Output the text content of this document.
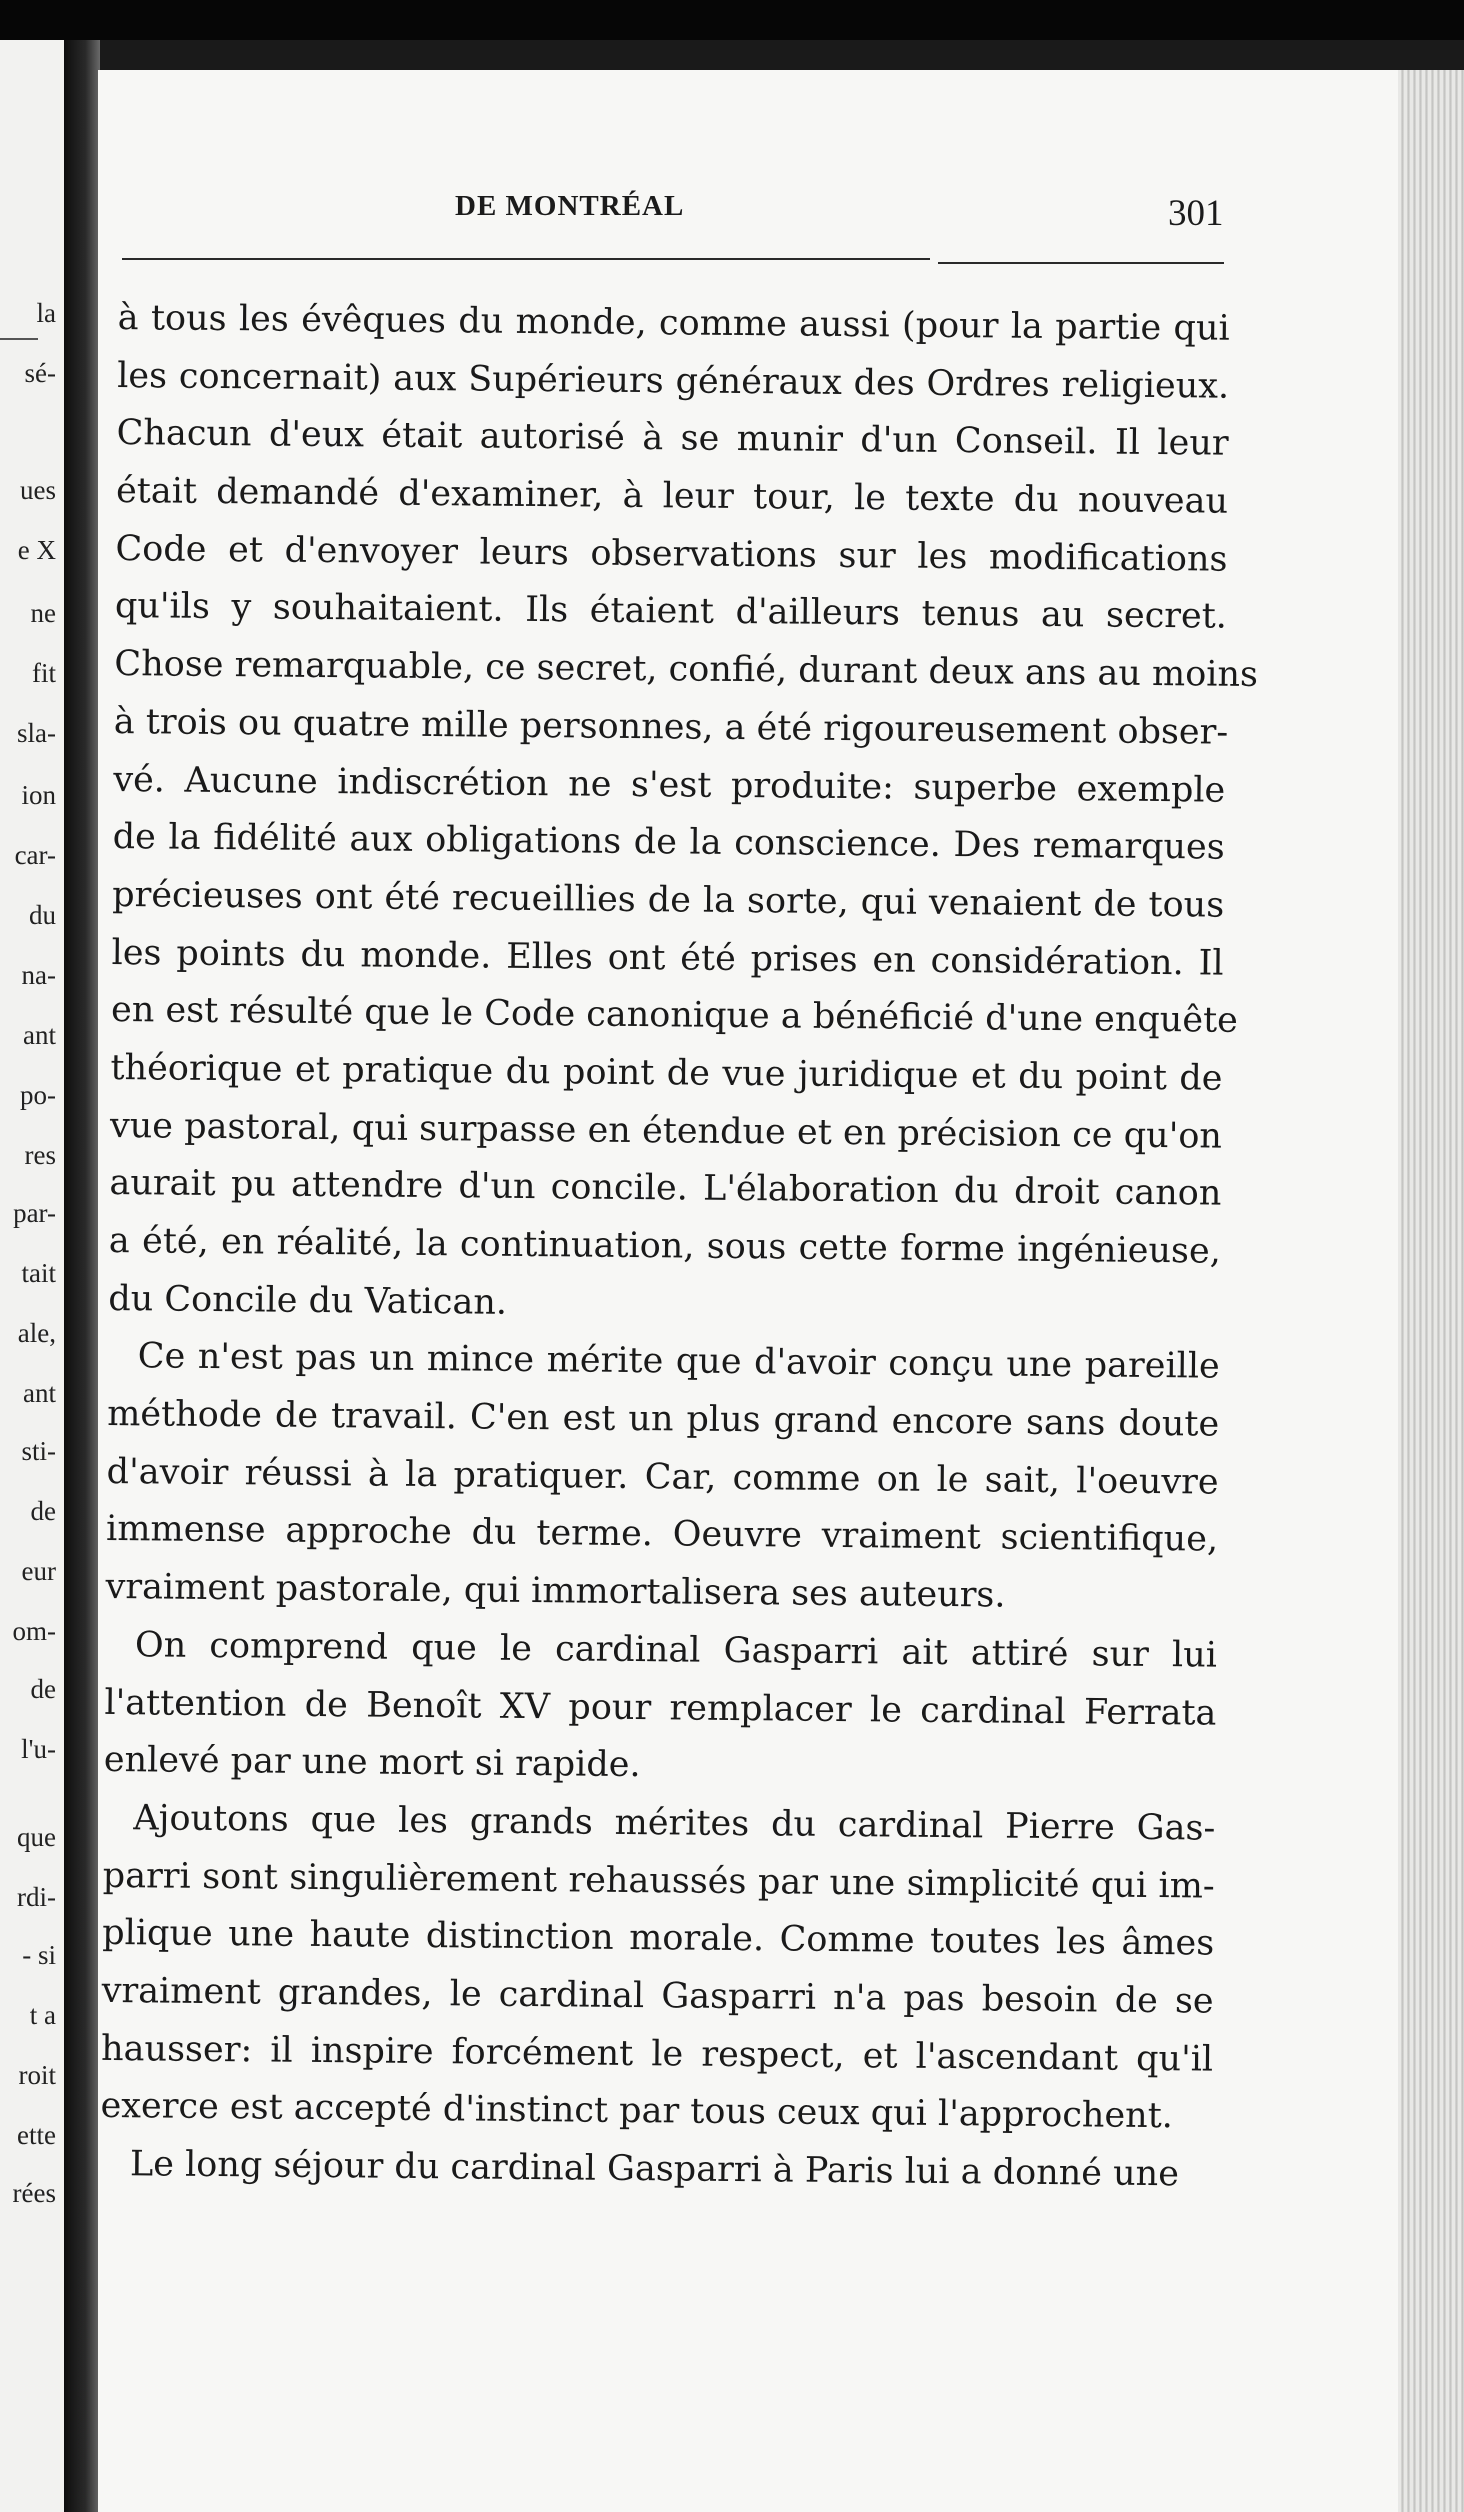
la
sé-
ues
e X
ne
fit
sla-
ion
car-
du
na-
ant
po-
res
par-
tait
ale,
ant
sti-
de
eur
om-
de
l'u-
que
rdi-
- si
t a
roit
ette
rées
DE MONTRÉAL	301
à tous les évêques du monde, comme aussi (pour la partie qui
les concernait) aux Supérieurs généraux des Ordres religieux.
Chacun d'eux était autorisé à se munir d'un Conseil. Il leur
était demandé d'examiner, à leur tour, le texte du nouveau
Code et d'envoyer leurs observations sur les modifications
qu'ils y souhaitaient. Ils étaient d'ailleurs tenus au secret.
Chose remarquable, ce secret, confié, durant deux ans au moins
à trois ou quatre mille personnes, a été rigoureusement obser-
vé. Aucune indiscrétion ne s'est produite: superbe exemple
de la fidélité aux obligations de la conscience. Des remarques
précieuses ont été recueillies de la sorte, qui venaient de tous
les points du monde. Elles ont été prises en considération. Il
en est résulté que le Code canonique a bénéficié d'une enquête
théorique et pratique du point de vue juridique et du point de
vue pastoral, qui surpasse en étendue et en précision ce qu'on
aurait pu attendre d'un concile. L'élaboration du droit canon
a été, en réalité, la continuation, sous cette forme ingénieuse,
du Concile du Vatican.
Ce n'est pas un mince mérite que d'avoir conçu une pareille
méthode de travail. C'en est un plus grand encore sans doute
d'avoir réussi à la pratiquer. Car, comme on le sait, l'oeuvre
immense approche du terme. Oeuvre vraiment scientifique,
vraiment pastorale, qui immortalisera ses auteurs.
On comprend que le cardinal Gasparri ait attiré sur lui
l'attention de Benoît XV pour remplacer le cardinal Ferrata
enlevé par une mort si rapide.
Ajoutons que les grands mérites du cardinal Pierre Gas-
parri sont singulièrement rehaussés par une simplicité qui im-
plique une haute distinction morale. Comme toutes les âmes
vraiment grandes, le cardinal Gasparri n'a pas besoin de se
hausser: il inspire forcément le respect, et l'ascendant qu'il
exerce est accepté d'instinct par tous ceux qui l'approchent.
Le long séjour du cardinal Gasparri à Paris lui a donné une
